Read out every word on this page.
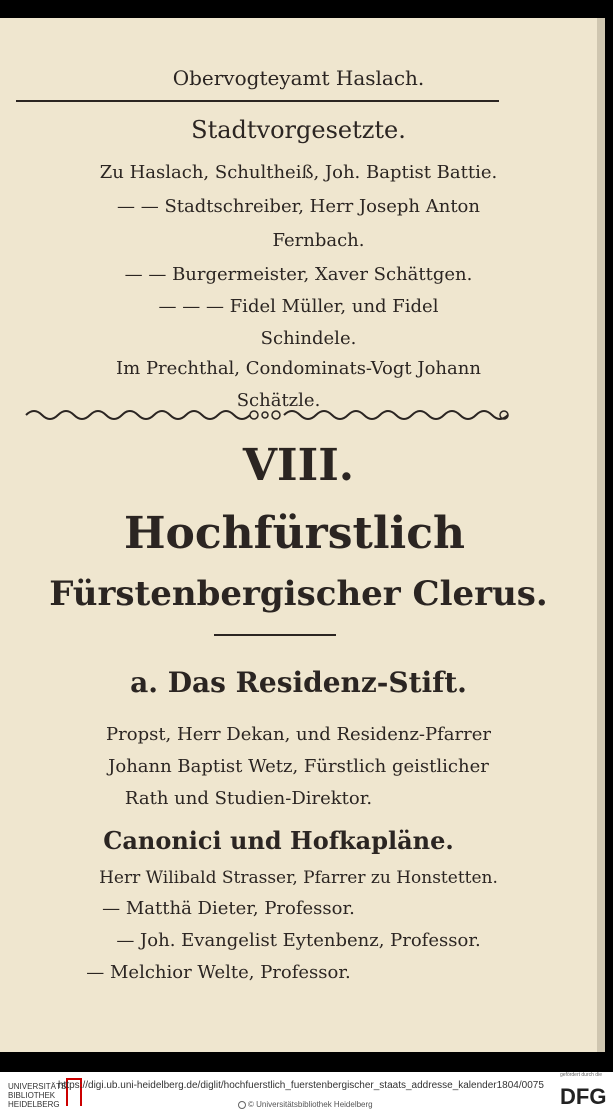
Obervogteyamt Haslach.
Stadtvorgesetzte.
Zu Haslach, Schultheiß, Joh. Baptist Battie.
— — Stadtschreiber, Herr Joseph Anton
Fernbach.
— — Burgermeister, Xaver Schättgen.
— — — Fidel Müller, und Fidel
Schindele.
Im Prechthal, Condominats-Vogt Johann
Schätzle.
VIII.
Hochfürstlich
Fürstenbergischer Clerus.
a. Das Residenz-Stift.
Propst, Herr Dekan, und Residenz-Pfarrer
Johann Baptist Wetz, Fürstlich geistlicher
Rath und Studien-Direktor.
Canonici und Hofkapläne.
Herr Wilibald Strasser, Pfarrer zu Honstetten.
— Matthä Dieter, Professor.
— Joh. Evangelist Eytenbenz, Professor.
— Melchior Welte, Professor.
UNIVERSITÄTS BIBLIOTHEK HEIDELBERG
https://digi.ub.uni-heidelberg.de/diglit/hochfuerstlich_fuerstenbergischer_staats_addresse_kalender1804/0075
© Universitätsbibliothek Heidelberg
gefördert durch die
DFG
